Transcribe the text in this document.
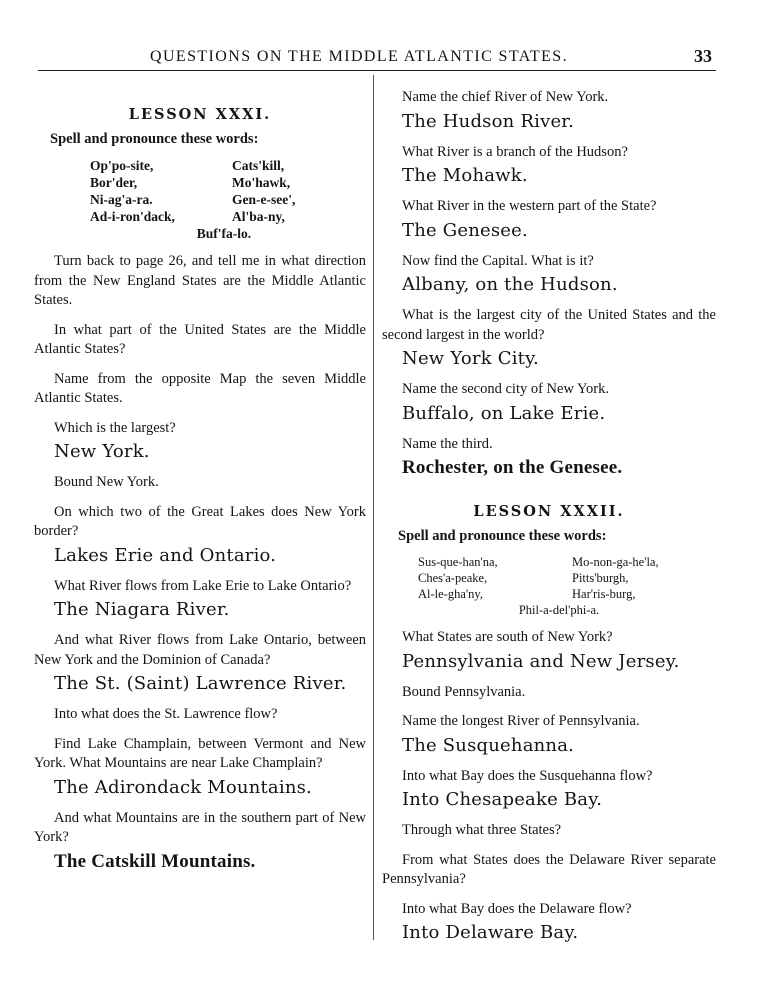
QUESTIONS ON THE MIDDLE ATLANTIC STATES.	33
LESSON XXXI.
Spell and pronounce these words:
Op'po-site,	Cats'kill,
Bor'der,	Mo'hawk,
Ni-ag'a-ra.	Gen-e-see',
Ad-i-ron'dack,	Al'ba-ny,
Buf'fa-lo.

Turn back to page 26, and tell me in what direction from the New England States are the Middle Atlantic States.

In what part of the United States are the Middle Atlantic States?

Name from the opposite Map the seven Middle Atlantic States.

Which is the largest?

New York.

Bound New York.

On which two of the Great Lakes does New York border?

Lakes Erie and Ontario.

What River flows from Lake Erie to Lake Ontario?

The Niagara River.

And what River flows from Lake Ontario, between New York and the Dominion of Canada?

The St. (Saint) Lawrence River.

Into what does the St. Lawrence flow?

Find Lake Champlain, between Vermont and New York. What Mountains are near Lake Champlain?

The Adirondack Mountains.

And what Mountains are in the southern part of New York?

The Catskill Mountains.

Name the chief River of New York.

The Hudson River.

What River is a branch of the Hudson?

The Mohawk.

What River in the western part of the State?

The Genesee.

Now find the Capital. What is it?

Albany, on the Hudson.

What is the largest city of the United States and the second largest in the world?

New York City.

Name the second city of New York.

Buffalo, on Lake Erie.

Name the third.

Rochester, on the Genesee.
LESSON XXXII.
Spell and pronounce these words:
Sus-que-han'na,	Mo-non-ga-he'la,
Ches'a-peake,	Pitts'burgh,
Al-le-gha'ny,	Har'ris-burg,
Phil-a-del'phi-a.

What States are south of New York?

Pennsylvania and New Jersey.

Bound Pennsylvania.

Name the longest River of Pennsylvania.

The Susquehanna.

Into what Bay does the Susquehanna flow?

Into Chesapeake Bay.

Through what three States?

From what States does the Delaware River separate Pennsylvania?

Into what Bay does the Delaware flow?

Into Delaware Bay.
